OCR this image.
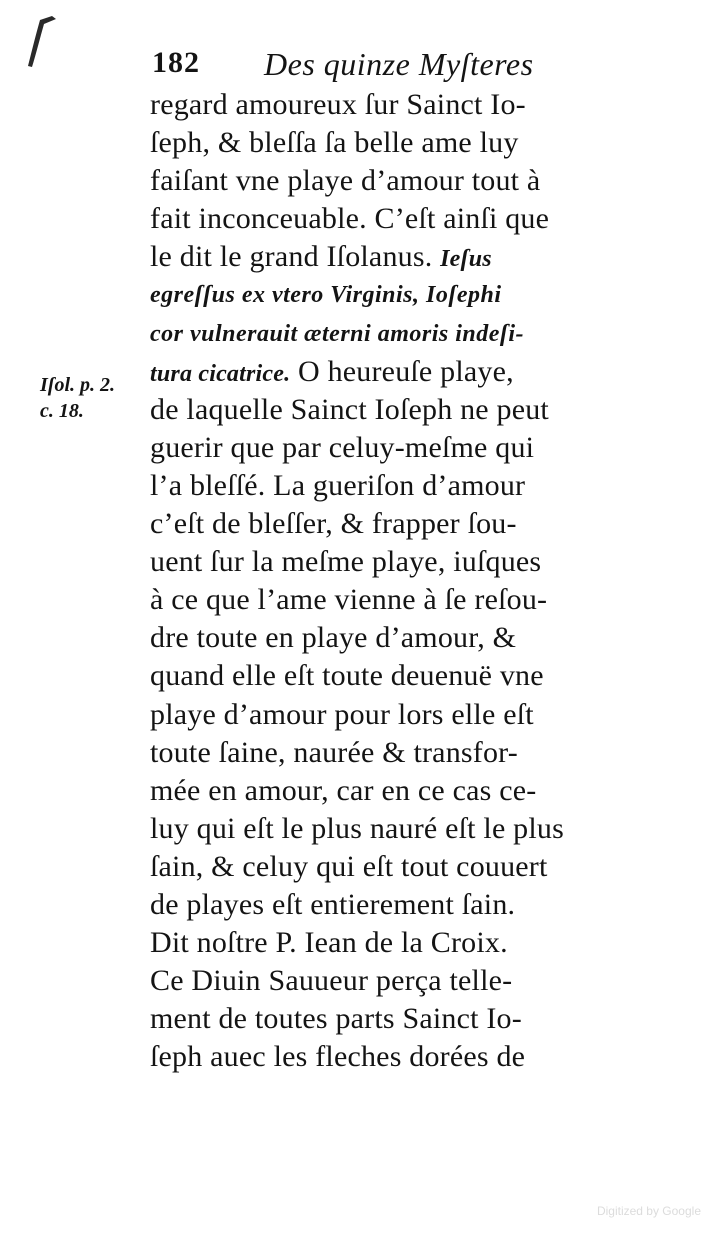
182 Des quinze Myſteres
Iſol. p. 2.
c. 18.
regard amoureux ſur Sainct Io-
ſeph, & bleſſa ſa belle ame luy
faiſant vne playe d’amour tout à
fait inconceuable. C’eſt ainſi que
le dit le grand Iſolanus. Ieſus
egreſſus ex vtero Virginis, Ioſephi
cor vulnerauit æterni amoris indeſi-
tura cicatrice. O heureuſe playe,
de laquelle Sainct Ioſeph ne peut
guerir que par celuy-meſme qui
l’a bleſſé. La gueriſon d’amour
c’eſt de bleſſer, & frapper ſou-
uent ſur la meſme playe, iuſques
à ce que l’ame vienne à ſe reſou-
dre toute en playe d’amour, &
quand elle eſt toute deuenuë vne
playe d’amour pour lors elle eſt
toute ſaine, naurée & transfor-
mée en amour, car en ce cas ce-
luy qui eſt le plus nauré eſt le plus
ſain, & celuy qui eſt tout couuert
de playes eſt entierement ſain.
Dit noſtre P. Iean de la Croix.
Ce Diuin Sauueur perça telle-
ment de toutes parts Sainct Io-
ſeph auec les fleches dorées de
Digitized by Google
